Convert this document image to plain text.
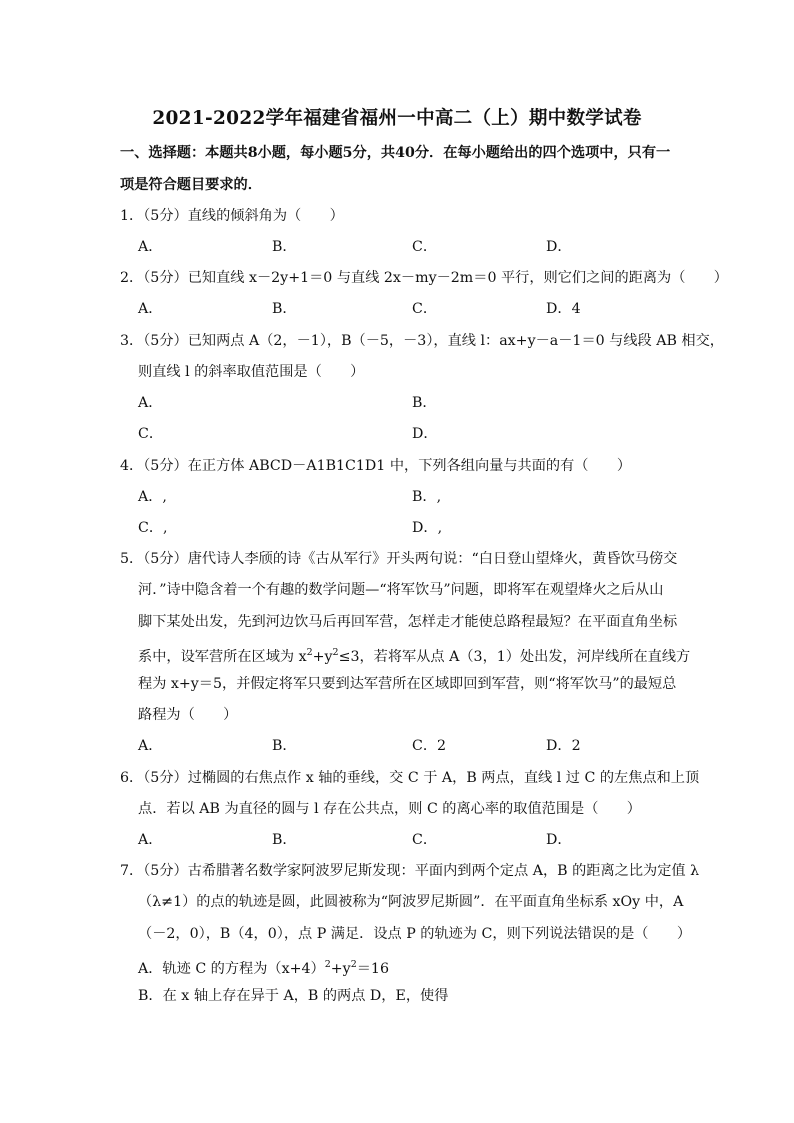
2021-2022学年福建省福州一中高二（上）期中数学试卷
一、选择题：本题共8小题，每小题5分，共40分．在每小题给出的四个选项中，只有一
项是符合题目要求的．
1．（5分）直线的倾斜角为（　　）
A．	B．	C．	D．
2．（5分）已知直线 x－2y+1＝0 与直线 2x－my－2m＝0 平行，则它们之间的距离为（　　）
A．	B．	C．	D．4
3．（5分）已知两点 A（2，－1），B（－5，－3），直线 l：ax+y－a－1＝0 与线段 AB 相交，
则直线 l 的斜率取值范围是（　　）
A．	B．
C．	D．
4．（5分）在正方体 ABCD－A1B1C1D1 中，下列各组向量与共面的有（　　）
A．,	B．,
C．,	D．,
5．（5分）唐代诗人李颀的诗《古从军行》开头两句说：“白日登山望烽火，黄昏饮马傍交
河．”诗中隐含着一个有趣的数学问题—“将军饮马”问题，即将军在观望烽火之后从山
脚下某处出发，先到河边饮马后再回军营，怎样走才能使总路程最短？在平面直角坐标
系中，设军营所在区域为 $x^2+y^2\le 3$，若将军从点 A（3，1）处出发，河岸线所在直线方
程为 x+y＝5，并假定将军只要到达军营所在区域即回到军营，则“将军饮马”的最短总
路程为（　　）
A．	B．	C．2	D．2
6．（5分）过椭圆的右焦点作 x 轴的垂线，交 C 于 A，B 两点，直线 l 过 C 的左焦点和上顶
点．若以 AB 为直径的圆与 l 存在公共点，则 C 的离心率的取值范围是（　　）
A．	B．	C．	D．
7．（5分）古希腊著名数学家阿波罗尼斯发现：平面内到两个定点 A，B 的距离之比为定值 λ
（λ≠1）的点的轨迹是圆，此圆被称为“阿波罗尼斯圆”．在平面直角坐标系 xOy 中，A
（－2，0），B（4，0），点 P 满足．设点 P 的轨迹为 C，则下列说法错误的是（　　）
A．轨迹 C 的方程为$(x+4)^2+y^2=16$
B．在 x 轴上存在异于 A，B 的两点 D，E，使得
